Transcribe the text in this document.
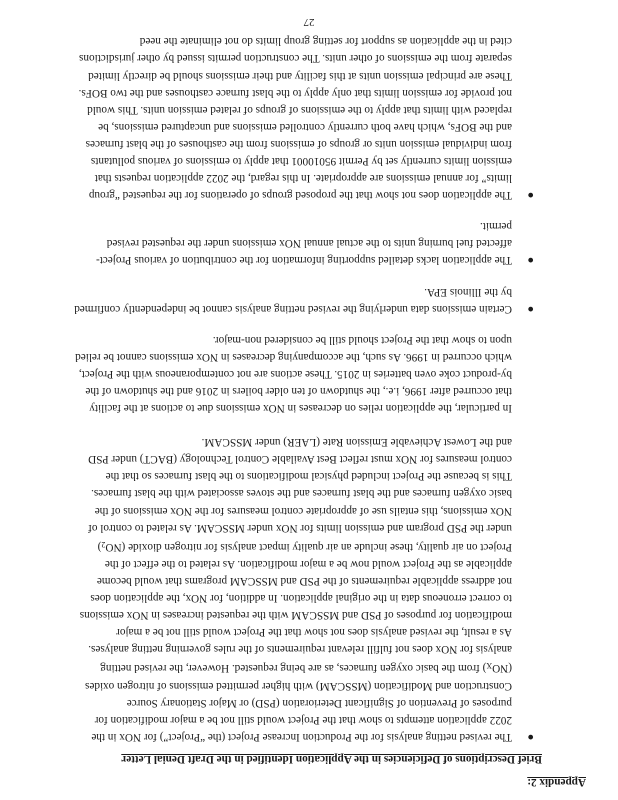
Appendix 2:
Brief Descriptions of Deficiencies in the Application Identified in the Draft Denial Letter
●
The revised netting analysis for the Production Increase Project (the “Project”) for NOx in the 2022 application attempts to show that the Project would still not be a major modification for purposes of Prevention of Significant Deterioration (PSD) or Major Stationary Source Construction and Modification (MSSCAM) with higher permitted emissions of nitrogen oxides $(NO_X)$ from the basic oxygen furnaces, as are being requested. However, the revised netting analysis for NOx does not fulfill relevant requirements of the rules governing netting analyses. As a result, the revised analysis does not show that the Project would still not be a major modification for purposes of PSD and MSSCAM with the requested increases in NOx emissions to correct erroneous data in the original application. In addition, for NOx, the application does not address applicable requirements of the PSD and MSSCAM programs that would become applicable as the Project would now be a major modification. As related to the effect of the Project on air quality, these include an air quality impact analysis for nitrogen dioxide $(NO_2)$ under the PSD program and emission limits for NOx under MSSCAM. As related to control of NOx emissions, this entails use of appropriate control measures for the NOx emissions of the basic oxygen furnaces and the blast furnaces and the stoves associated with the blast furnaces. This is because the Project included physical modifications to the blast furnaces so that the control measures for NOx must reflect Best Available Control Technology (BACT) under PSD and the Lowest Achievable Emission Rate (LAER) under MSSCAM.
In particular, the application relies on decreases in NOx emissions due to actions at the facility that occurred after 1996, i.e., the shutdown of ten older boilers in 2016 and the shutdown of the by-product coke oven batteries in 2015. These actions are not contemporaneous with the Project, which occurred in 1996. As such, the accompanying decreases in NOx emissions cannot be relied upon to show that the Project should still be considered non-major.
●
Certain emissions data underlying the revised netting analysis cannot be independently confirmed by the Illinois EPA.
●
The application lacks detailed supporting information for the contribution of various Project-affected fuel burning units to the actual annual NOx emissions under the requested revised permit.
●
The application does not show that the proposed groups of operations for the requested “group limits” for annual emissions are appropriate. In this regard, the 2022 application requests that emission limits currently set by Permit 95010001 that apply to emissions of various pollutants from individual emission units or groups of emissions from the casthouses of the blast furnaces and the BOFs, which have both currently controlled emissions and uncaptured emissions, be replaced with limits that apply to the emissions of groups of related emission units. This would not provide for emission limits that only apply to the blast furnace casthouses and the two BOFs. These are principal emission units at this facility and their emissions should be directly limited separate from the emissions of other units. The construction permits issued by other jurisdictions cited in the application as support for setting group limits do not eliminate the need
27
